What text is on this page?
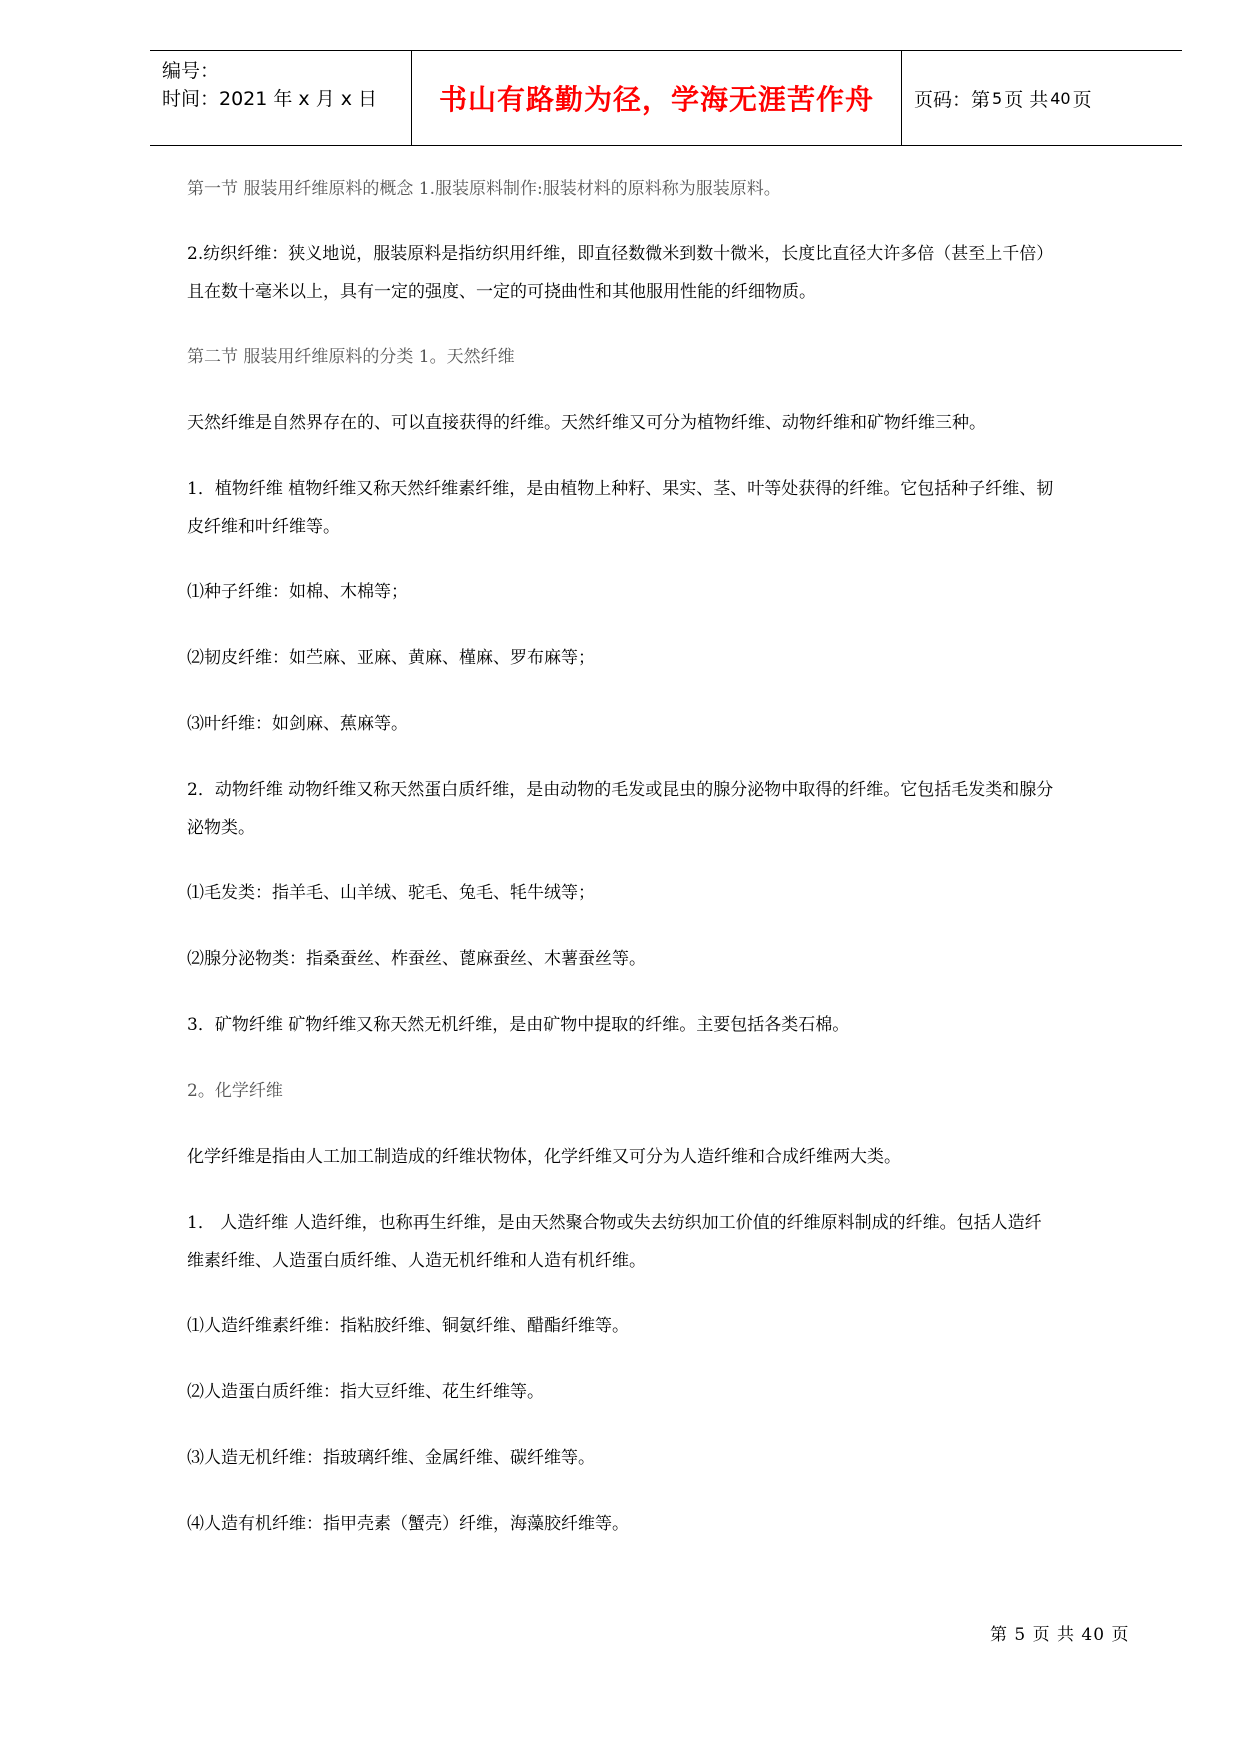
编号：
时间：2021 年 x 月 x 日	书山有路勤为径，学海无涯苦作舟 页码：第 5 页 共 40 页

第一节 服装用纤维原料的概念 1.服装原料制作:服装材料的原料称为服装原料。

2.纺织纤维：狭义地说，服装原料是指纺织用纤维，即直径数微米到数十微米，长度比直径大许多倍（甚至上千倍）

且在数十毫米以上，具有一定的强度、一定的可挠曲性和其他服用性能的纤细物质。

第二节 服装用纤维原料的分类 1。天然纤维

天然纤维是自然界存在的、可以直接获得的纤维。天然纤维又可分为植物纤维、动物纤维和矿物纤维三种。

1．植物纤维 植物纤维又称天然纤维素纤维，是由植物上种籽、果实、茎、叶等处获得的纤维。它包括种子纤维、韧

皮纤维和叶纤维等。

⑴种子纤维：如棉、木棉等；

⑵韧皮纤维：如苎麻、亚麻、黄麻、槿麻、罗布麻等；

⑶叶纤维：如剑麻、蕉麻等。

2．动物纤维 动物纤维又称天然蛋白质纤维，是由动物的毛发或昆虫的腺分泌物中取得的纤维。它包括毛发类和腺分

泌物类。

⑴毛发类：指羊毛、山羊绒、驼毛、兔毛、牦牛绒等；

⑵腺分泌物类：指桑蚕丝、柞蚕丝、蓖麻蚕丝、木薯蚕丝等。

3．矿物纤维 矿物纤维又称天然无机纤维，是由矿物中提取的纤维。主要包括各类石棉。

2。化学纤维

化学纤维是指由人工加工制造成的纤维状物体，化学纤维又可分为人造纤维和合成纤维两大类。

1． 人造纤维 人造纤维，也称再生纤维，是由天然聚合物或失去纺织加工价值的纤维原料制成的纤维。包括人造纤

维素纤维、人造蛋白质纤维、人造无机纤维和人造有机纤维。

⑴人造纤维素纤维：指粘胶纤维、铜氨纤维、醋酯纤维等。

⑵人造蛋白质纤维：指大豆纤维、花生纤维等。

⑶人造无机纤维：指玻璃纤维、金属纤维、碳纤维等。

⑷人造有机纤维：指甲壳素（蟹壳）纤维，海藻胶纤维等。

第 5 页 共 40 页
